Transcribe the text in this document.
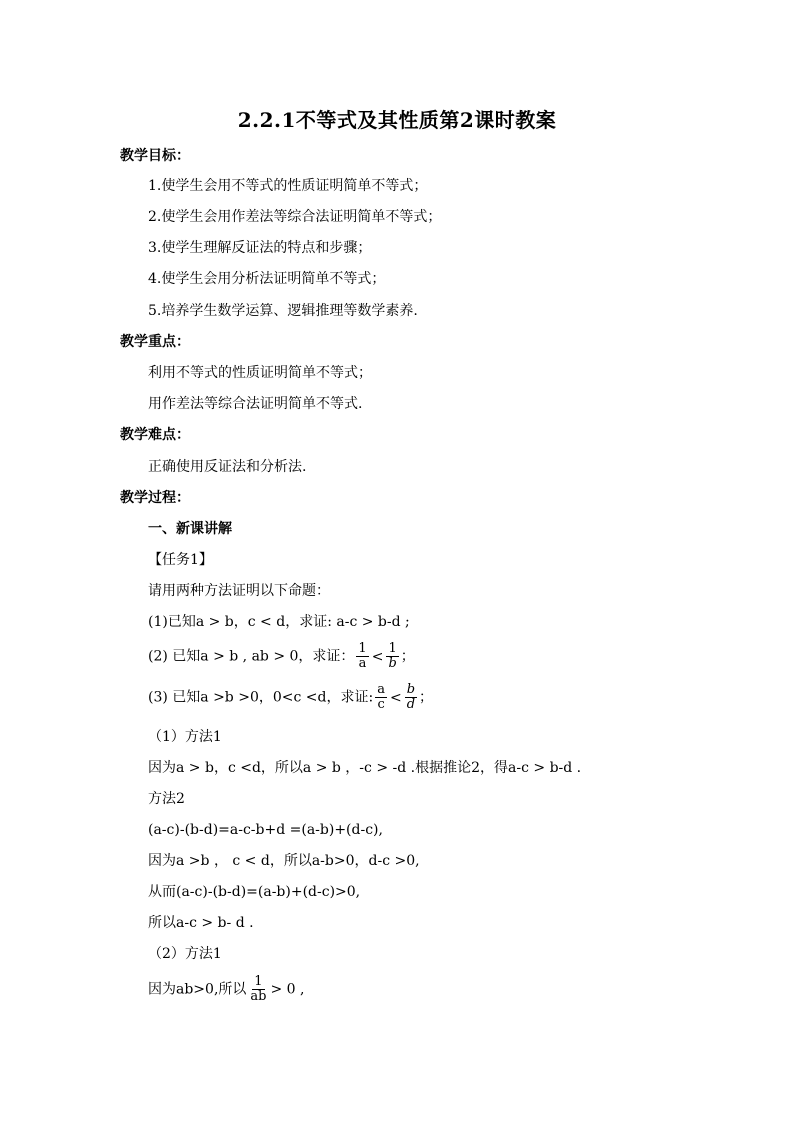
2.2.1不等式及其性质第2课时教案
教学目标：
1.使学生会用不等式的性质证明简单不等式；
2.使学生会用作差法等综合法证明简单不等式；
3.使学生理解反证法的特点和步骤；
4.使学生会用分析法证明简单不等式；
5.培养学生数学运算、逻辑推理等数学素养.
教学重点：
利用不等式的性质证明简单不等式；
用作差法等综合法证明简单不等式.
教学难点：
正确使用反证法和分析法.
教学过程：
一、新课讲解
【任务1】
请用两种方法证明以下命题：
(1)已知a > b，c < d，求证: a-c > b-d ;
(2) 已知a > b , ab > 0，求证： $\frac{1}{a} < \frac{1}{b}$ ；
(3) 已知a >b >0，0<c <d，求证: $\frac{a}{c} < \frac{b}{d}$ ；
（1）方法1
因为a > b，c <d，所以a > b ，-c > -d .根据推论2，得a-c > b-d .
方法2
(a-c)-(b-d)=a-c-b+d =(a-b)+(d-c),
因为a >b ， c < d，所以a-b>0，d-c >0,
从而(a-c)-(b-d)=(a-b)+(d-c)>0,
所以a-c > b- d .
（2）方法1
因为ab>0,所以 $\frac{1}{ab} > 0$ ,
